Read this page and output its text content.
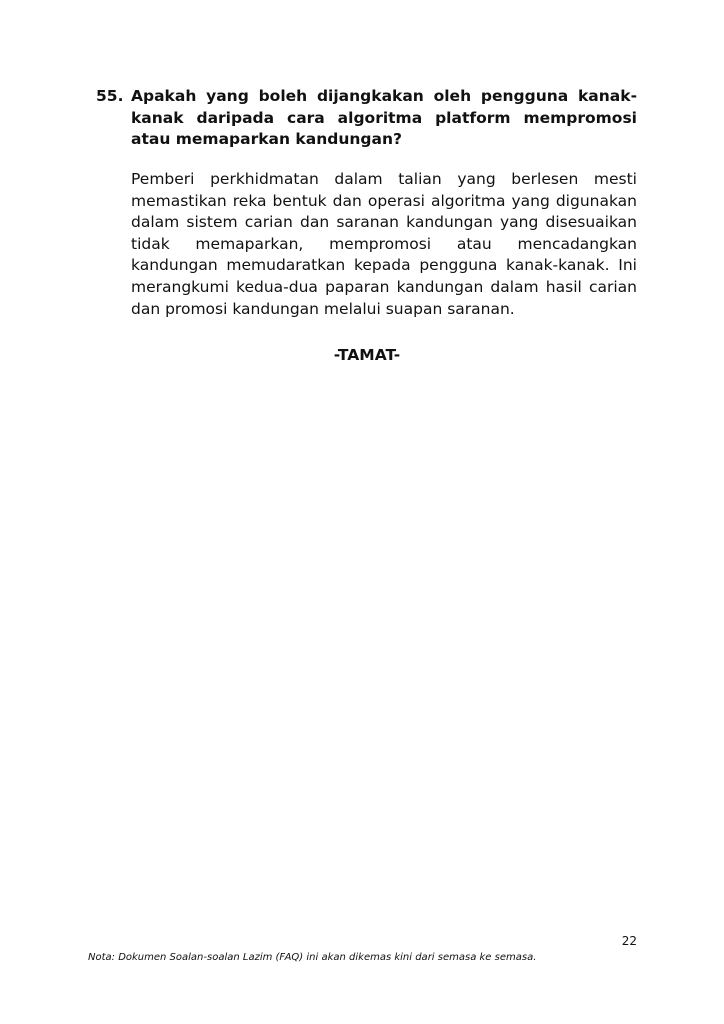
55. Apakah yang boleh dijangkakan oleh pengguna kanak-kanak daripada cara algoritma platform mempromosi atau memaparkan kandungan?

Pemberi perkhidmatan dalam talian yang berlesen mesti memastikan reka bentuk dan operasi algoritma yang digunakan dalam sistem carian dan saranan kandungan yang disesuaikan tidak memaparkan, mempromosi atau mencadangkan kandungan memudaratkan kepada pengguna kanak-kanak. Ini merangkumi kedua-dua paparan kandungan dalam hasil carian dan promosi kandungan melalui suapan saranan.

-TAMAT-
22
Nota: Dokumen Soalan-soalan Lazim (FAQ) ini akan dikemas kini dari semasa ke semasa.
